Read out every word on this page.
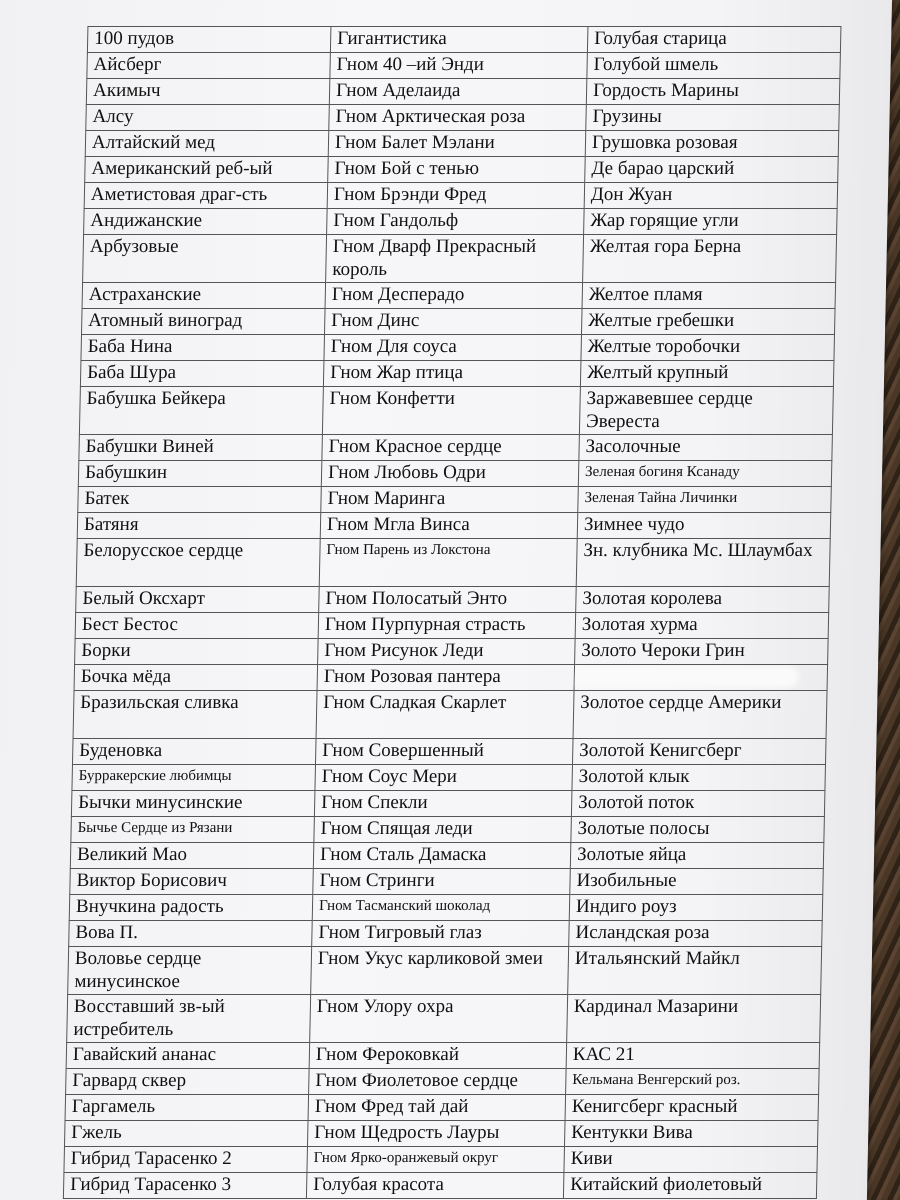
100 пудов	Гигантистика	Голубая старица
Айсберг	Гном 40 –ий Энди	Голубой шмель
Акимыч	Гном Аделаида	Гордость Марины
Алсу	Гном Арктическая роза	Грузины
Алтайский мед	Гном Балет Мэлани	Грушовка розовая
Американский реб-ый	Гном Бой с тенью	Де барао царский
Аметистовая драг-сть	Гном Брэнди Фред	Дон Жуан
Андижанские	Гном Гандольф	Жар горящие угли
Арбузовые	Гном Дварф Прекрасный король	Желтая гора Берна
Астраханские	Гном Десперадо	Желтое пламя
Атомный виноград	Гном Динс	Желтые гребешки
Баба Нина	Гном Для соуса	Желтые торобочки
Баба Шура	Гном Жар птица	Желтый крупный
Бабушка Бейкера	Гном Конфетти	Заржавевшее сердце Эвереста
Бабушки Виней	Гном Красное сердце	Засолочные
Бабушкин	Гном Любовь Одри	Зеленая богиня Ксанаду
Батек	Гном Маринга	Зеленая Тайна Личинки
Батяня	Гном Мгла Винса	Зимнее чудо
Белорусское сердце	Гном Парень из Локстона	Зн. клубника Мс. Шлаумбах
Белый Оксхарт	Гном Полосатый Энто	Золотая королева
Бест Бестос	Гном Пурпурная страсть	Золотая хурма
Борки	Гном Рисунок Леди	Золото Чероки Грин
Бочка мёда	Гном Розовая пантера	

Бразильская сливка	Гном Сладкая Скарлет	Золотое сердце Америки
Буденовка	Гном Совершенный	Золотой Кенигсберг
Бурракерские любимцы	Гном Соус Мери	Золотой клык
Бычки минусинские	Гном Спекли	Золотой поток
Бычье Сердце из Рязани	Гном Спящая леди	Золотые полосы
Великий Мао	Гном Сталь Дамаска	Золотые яйца
Виктор Борисович	Гном Стринги	Изобильные
Внучкина радость	Гном Тасманский шоколад	Индиго роуз
Вова П.	Гном Тигровый глаз	Исландская роза
Воловье сердце минусинское	Гном Укус карликовой змеи	Итальянский Майкл
Восставший зв-ый истребитель	Гном Улору охра	Кардинал Мазарини
Гавайский ананас	Гном Фероковкай	КАС 21
Гарвард сквер	Гном Фиолетовое сердце	Кельмана Венгерский роз.
Гаргамель	Гном Фред тай дай	Кенигсберг красный
Гжель	Гном Щедрость Лауры	Кентукки Вива
Гибрид Тарасенко 2	Гном Ярко-оранжевый округ	Киви
Гибрид Тарасенко 3	Голубая красота	Китайский фиолетовый
